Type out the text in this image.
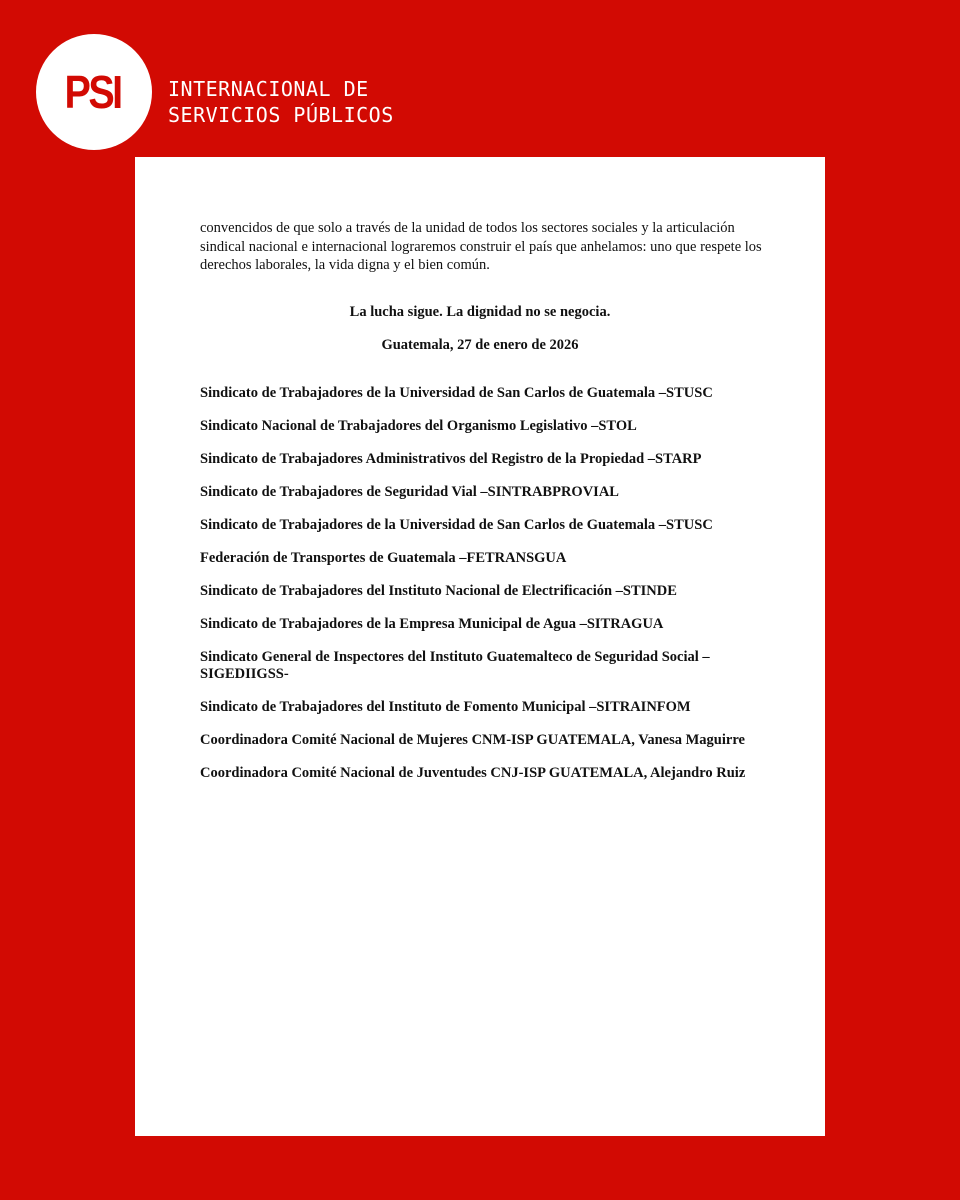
PSI INTERNACIONAL DE
SERVICIOS PÚBLICOS

convencidos de que solo a través de la unidad de todos los sectores sociales y la articulación sindical nacional e internacional lograremos construir el país que anhelamos: uno que respete los derechos laborales, la vida digna y el bien común.

La lucha sigue. La dignidad no se negocia.
Guatemala, 27 de enero de 2026
Sindicato de Trabajadores de la Universidad de San Carlos de Guatemala –STUSC
Sindicato Nacional de Trabajadores del Organismo Legislativo –STOL
Sindicato de Trabajadores Administrativos del Registro de la Propiedad –STARP
Sindicato de Trabajadores de Seguridad Vial –SINTRABPROVIAL
Sindicato de Trabajadores de la Universidad de San Carlos de Guatemala –STUSC
Federación de Transportes de Guatemala –FETRANSGUA
Sindicato de Trabajadores del Instituto Nacional de Electrificación –STINDE
Sindicato de Trabajadores de la Empresa Municipal de Agua –SITRAGUA
Sindicato General de Inspectores del Instituto Guatemalteco de Seguridad Social –SIGEDIIGSS-
Sindicato de Trabajadores del Instituto de Fomento Municipal –SITRAINFOM
Coordinadora Comité Nacional de Mujeres CNM-ISP GUATEMALA, Vanesa Maguirre
Coordinadora Comité Nacional de Juventudes CNJ-ISP GUATEMALA, Alejandro Ruiz
